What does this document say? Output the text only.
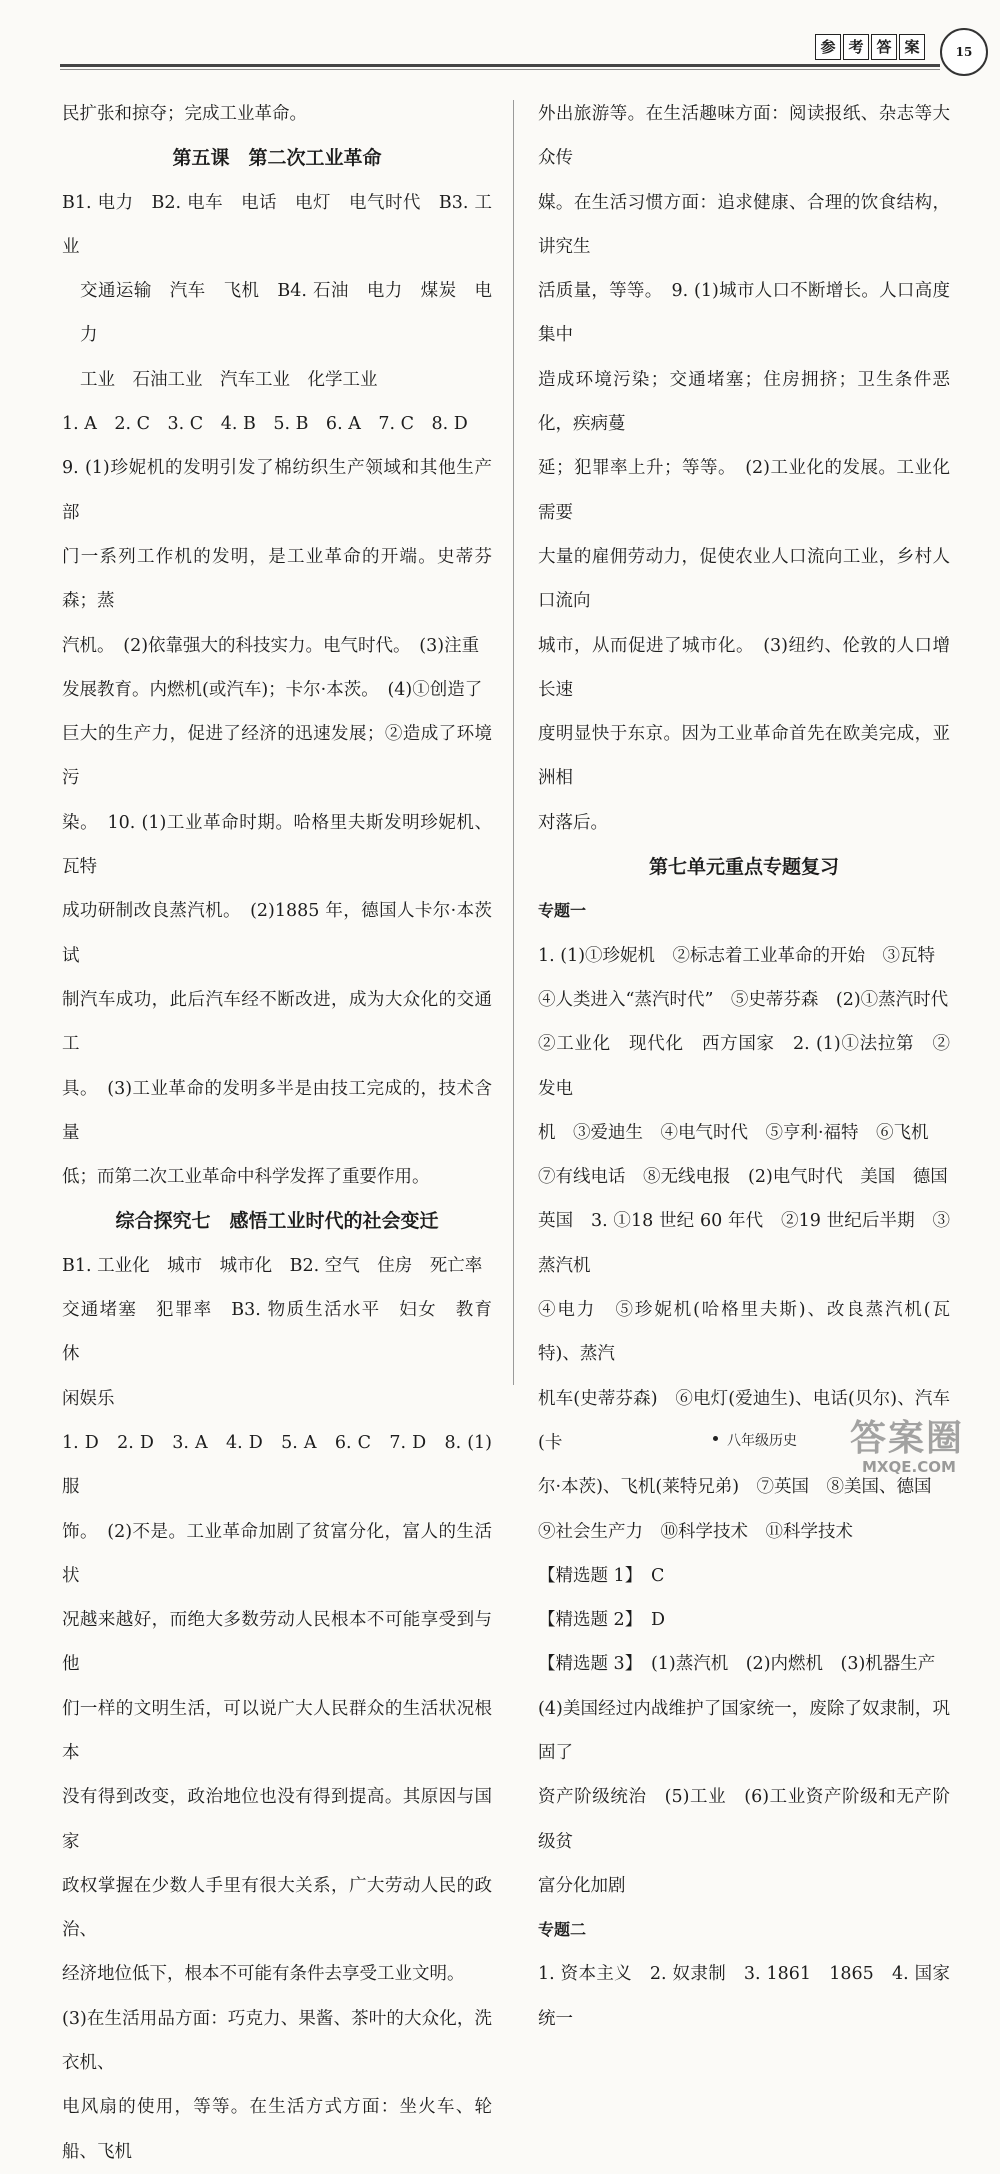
参 考 答 案	15

民扩张和掠夺；完成工业革命。

第五课　第二次工业革命

B1. 电力　B2. 电车　电话　电灯　电气时代　B3. 工业

交通运输　汽车　飞机　B4. 石油　电力　煤炭　电力

工业　石油工业　汽车工业　化学工业

1. A　2. C　3. C　4. B　5. B　6. A　7. C　8. D

9. (1)珍妮机的发明引发了棉纺织生产领域和其他生产部

门一系列工作机的发明，是工业革命的开端。史蒂芬森；蒸

汽机。　(2)依靠强大的科技实力。电气时代。　(3)注重

发展教育。内燃机(或汽车)；卡尔·本茨。　(4)①创造了

巨大的生产力，促进了经济的迅速发展；②造成了环境污

染。　10. (1)工业革命时期。哈格里夫斯发明珍妮机、瓦特

成功研制改良蒸汽机。　(2)1885 年，德国人卡尔·本茨试

制汽车成功，此后汽车经不断改进，成为大众化的交通工

具。　(3)工业革命的发明多半是由技工完成的，技术含量

低；而第二次工业革命中科学发挥了重要作用。

综合探究七　感悟工业时代的社会变迁

B1. 工业化　城市　城市化　B2. 空气　住房　死亡率

交通堵塞　犯罪率　B3. 物质生活水平　妇女　教育　休

闲娱乐

1. D　2. D　3. A　4. D　5. A　6. C　7. D　8. (1)服

饰。　(2)不是。工业革命加剧了贫富分化，富人的生活状

况越来越好，而绝大多数劳动人民根本不可能享受到与他

们一样的文明生活，可以说广大人民群众的生活状况根本

没有得到改变，政治地位也没有得到提高。其原因与国家

政权掌握在少数人手里有很大关系，广大劳动人民的政治、

经济地位低下，根本不可能有条件去享受工业文明。

(3)在生活用品方面：巧克力、果酱、茶叶的大众化，洗衣机、

电风扇的使用，等等。在生活方式方面：坐火车、轮船、飞机

外出旅游等。在生活趣味方面：阅读报纸、杂志等大众传

媒。在生活习惯方面：追求健康、合理的饮食结构，讲究生

活质量，等等。　9. (1)城市人口不断增长。人口高度集中

造成环境污染；交通堵塞；住房拥挤；卫生条件恶化，疾病蔓

延；犯罪率上升；等等。　(2)工业化的发展。工业化需要

大量的雇佣劳动力，促使农业人口流向工业，乡村人口流向

城市，从而促进了城市化。　(3)纽约、伦敦的人口增长速

度明显快于东京。因为工业革命首先在欧美完成，亚洲相

对落后。

第七单元重点专题复习

专题一

1. (1)①珍妮机　②标志着工业革命的开始　③瓦特

④人类进入“蒸汽时代”　⑤史蒂芬森　(2)①蒸汽时代

②工业化　现代化　西方国家　2. (1)①法拉第　②发电

机　③爱迪生　④电气时代　⑤亨利·福特　⑥飞机

⑦有线电话　⑧无线电报　(2)电气时代　美国　德国

英国　3. ①18 世纪 60 年代　②19 世纪后半期　③蒸汽机

④电力　⑤珍妮机(哈格里夫斯)、改良蒸汽机(瓦特)、蒸汽

机车(史蒂芬森)　⑥电灯(爱迪生)、电话(贝尔)、汽车(卡

尔·本茨)、飞机(莱特兄弟)　⑦英国　⑧美国、德国

⑨社会生产力　⑩科学技术　⑪科学技术

【精选题 1】　C

【精选题 2】　D

【精选题 3】　(1)蒸汽机　(2)内燃机　(3)机器生产

(4)美国经过内战维护了国家统一，废除了奴隶制，巩固了

资产阶级统治　(5)工业　(6)工业资产阶级和无产阶级贫

富分化加剧

专题二

1. 资本主义　2. 奴隶制　3. 1861　1865　4. 国家统一

八年级历史 答案圈
MXQE.COM
